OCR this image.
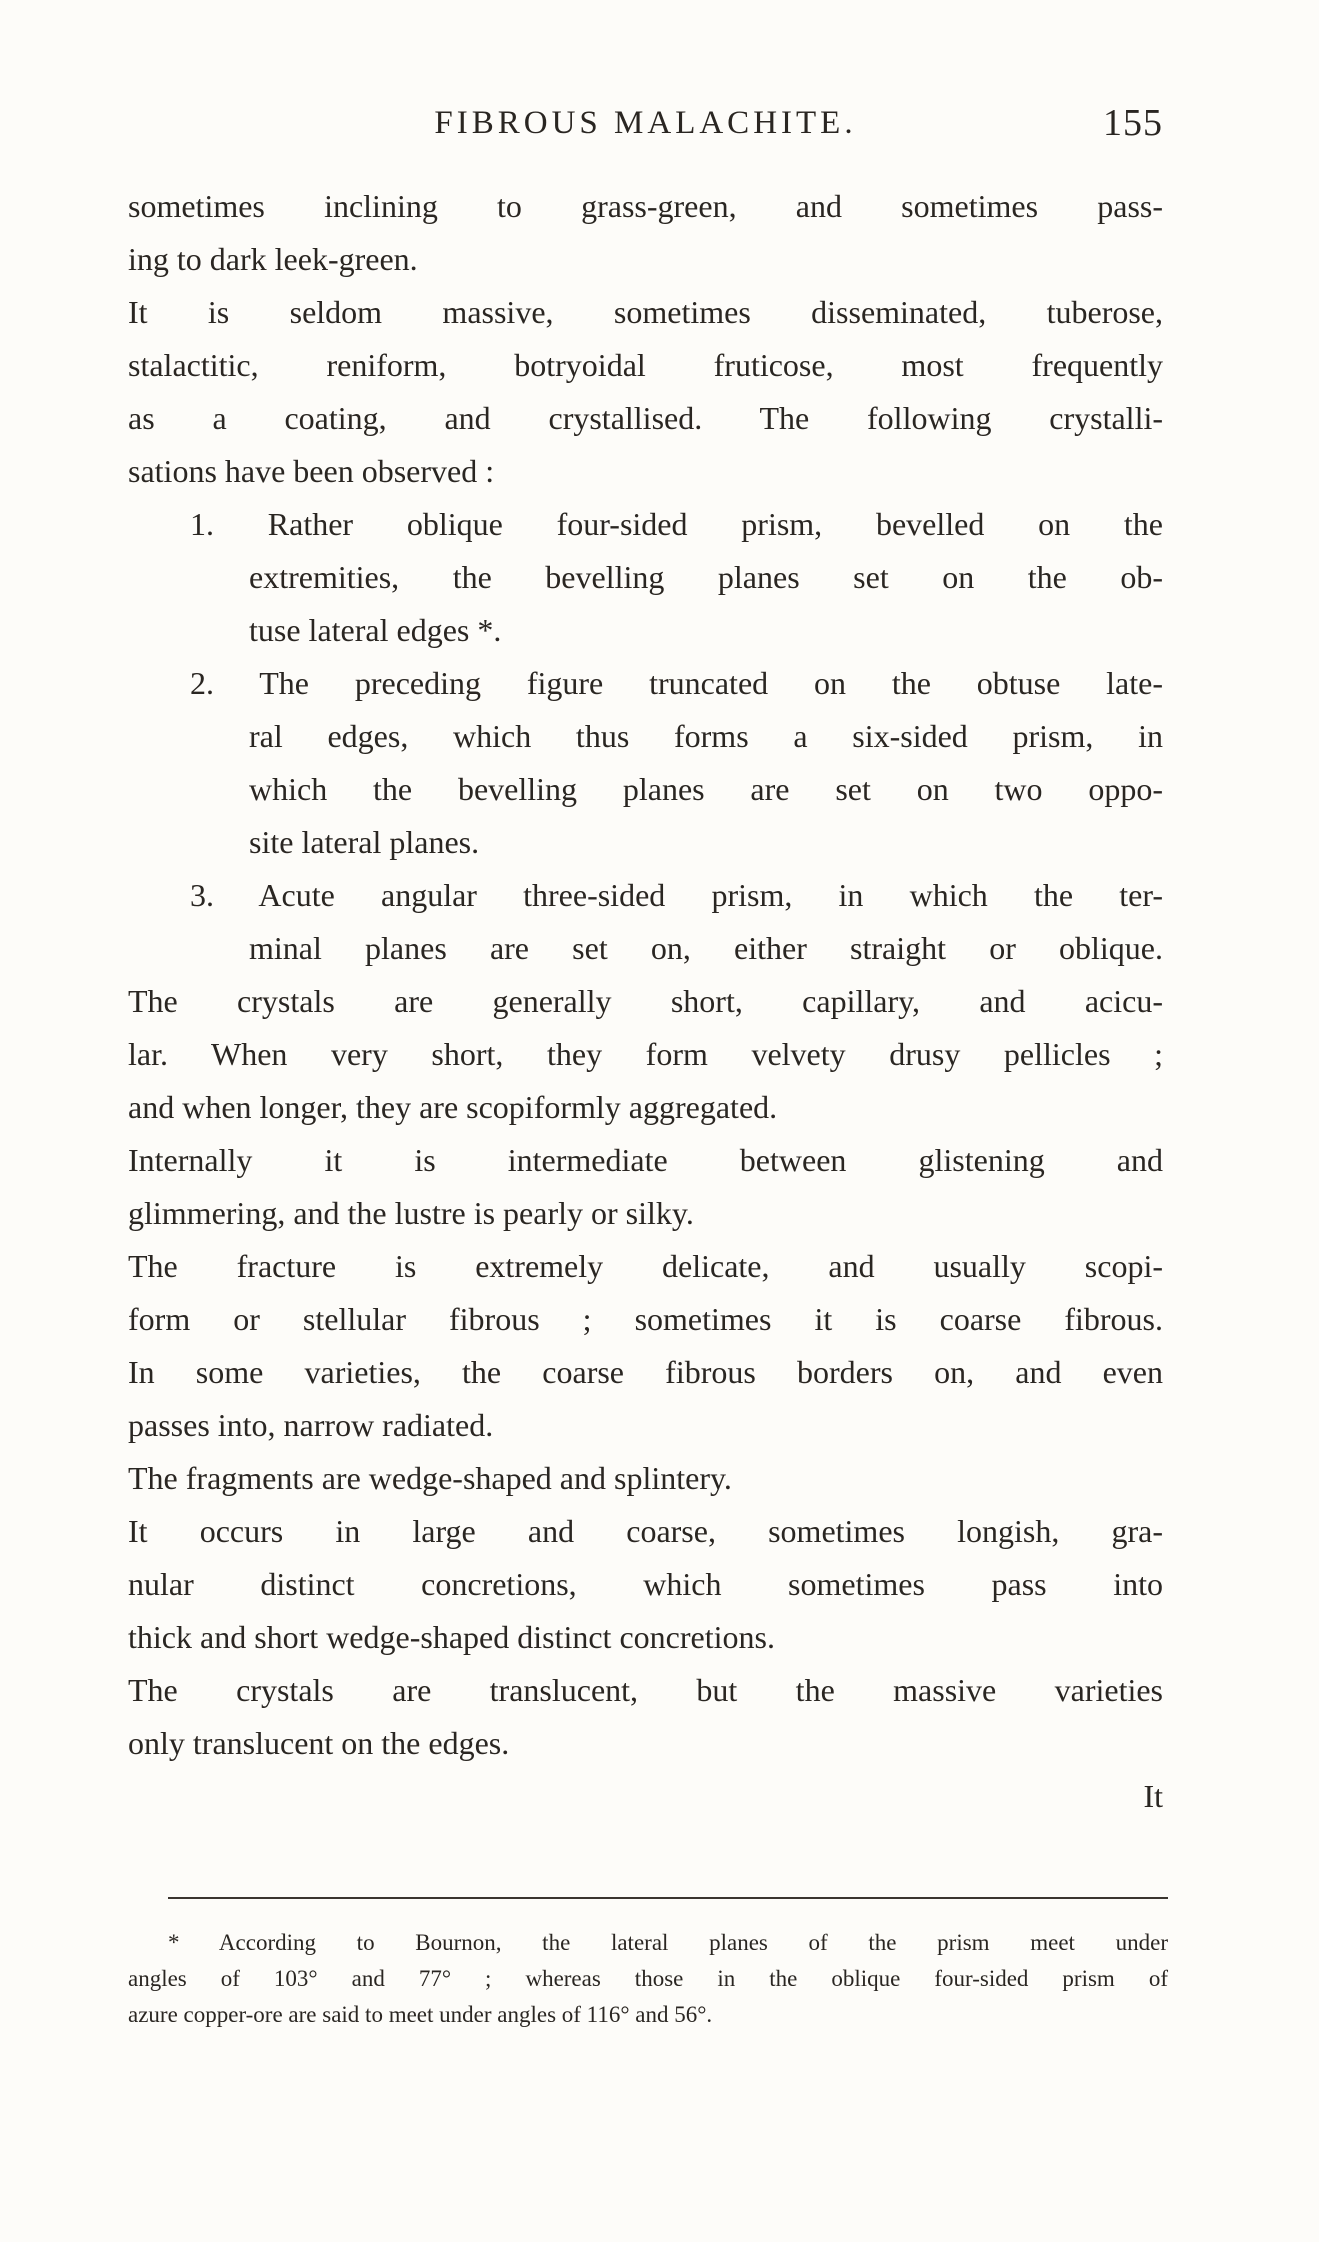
FIBROUS MALACHITE.	155
sometimes inclining to grass-green, and sometimes pass-
ing to dark leek-green.
It is seldom massive, sometimes disseminated, tuberose,
stalactitic, reniform, botryoidal fruticose, most frequently
as a coating, and crystallised. The following crystalli-
sations have been observed :
1. Rather oblique four-sided prism, bevelled on the
extremities, the bevelling planes set on the ob-
tuse lateral edges *.
2. The preceding figure truncated on the obtuse late-
ral edges, which thus forms a six-sided prism, in
which the bevelling planes are set on two oppo-
site lateral planes.
3. Acute angular three-sided prism, in which the ter-
minal planes are set on, either straight or oblique.
The crystals are generally short, capillary, and acicu-
lar. When very short, they form velvety drusy pellicles ;
and when longer, they are scopiformly aggregated.
Internally it is intermediate between glistening and
glimmering, and the lustre is pearly or silky.
The fracture is extremely delicate, and usually scopi-
form or stellular fibrous ; sometimes it is coarse fibrous.
In some varieties, the coarse fibrous borders on, and even
passes into, narrow radiated.
The fragments are wedge-shaped and splintery.
It occurs in large and coarse, sometimes longish, gra-
nular distinct concretions, which sometimes pass into
thick and short wedge-shaped distinct concretions.
The crystals are translucent, but the massive varieties
only translucent on the edges.
It
* According to Bournon, the lateral planes of the prism meet under
angles of 103° and 77° ; whereas those in the oblique four-sided prism of
azure copper-ore are said to meet under angles of 116° and 56°.
